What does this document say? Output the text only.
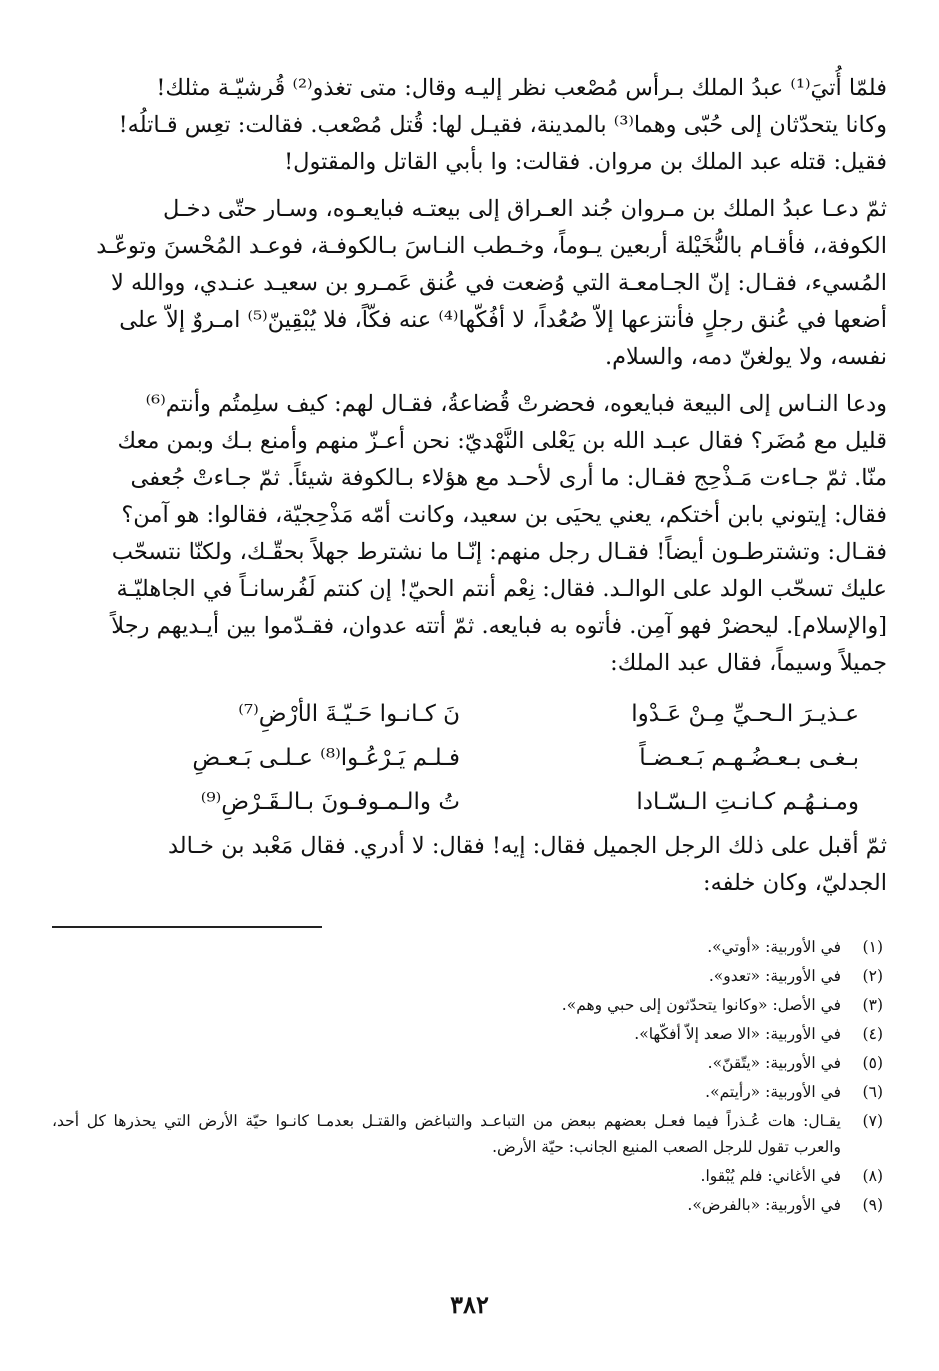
فلمّا أُتيَ⁽¹⁾ عبدُ الملك بـرأس مُصْعب نظر إليـه وقال: متى تغذو⁽²⁾ قُرشيّـة مثلك!

وكانا يتحدّثان إلى حُبّى وهما⁽³⁾ بالمدينة، فقيـل لها: قُتل مُصْعب. فقالت: تعِس قـاتلُه!

فقيل: قتله عبد الملك بن مروان. فقالت: وا بأبي القاتل والمقتول!

ثمّ دعـا عبدُ الملك بن مـروان جُند العـراق إلى بيعتـه فبايعـوه، وسـار حتّى دخـل

الكوفة،، فأقـام بالنُّخَيْلة أربعين يـوماً، وخـطب النـاسَ بـالكوفـة، فوعـد المُحْسنَ وتوعّـد

المُسيء، فقـال: إنّ الجـامعـة التي وُضعت في عُنق عَمـرو بن سعيـد عنـدي، ووالله لا

أضعها في عُنق رجلٍ فأنتزعها إلاّ صُعُداً، لا أفُكّها⁽⁴⁾ عنه فكّاً، فلا يُبْقِينّ⁽⁵⁾ امـروٌ إلاّ على

نفسه، ولا يولغنّ دمه، والسلام.

ودعا النـاس إلى البيعة فبايعوه، فحضرتْ قُضاعةُ، فقـال لهم: كيف سلِمتُم وأنتم⁽⁶⁾

قليل مع مُضَر؟ فقال عبـد الله بن يَعْلى النَّهْديّ: نحن أعـزّ منهم وأمنع بـك وبمن معك

منّا. ثمّ جـاءت مَـذْحِج فقـال: ما أرى لأحـد مع هؤلاء بـالكوفة شيئاً. ثمّ جـاءتْ جُعفى

فقال: إيتوني بابن أختكم، يعني يحيَى بن سعيد، وكانت أمّه مَذْحِجيّة، فقالوا: هو آمن؟

فقـال: وتشترطـون أيضاً! فقـال رجل منهم: إنّـا ما نشترط جهلاً بحقّـك، ولكنّا نتسحّب

عليك تسحّب الولد على الوالـد. فقال: نِعْم أنتم الحيّ! إن كنتم لَفُرسانـاً في الجاهليّـة

[والإسلام]. ليحضرْ فهو آمِن. فأتوه به فبايعه. ثمّ أتته عدوان، فقـدّموا بين أيـديهم رجلاً

جميلاً وسيماً، فقال عبد الملك:

عـذيـرَ الـحـيِّ مِـنْ عَـدْوا
نَ كـانـوا حَـيّـةَ الأرْضِ⁽⁷⁾
بـغـى بـعـضُـهـم بَـعـضـاً
فـلـم يَـرْعُـوا⁽⁸⁾ عـلـى بَـعـضِ
ومـنـهُـم كـانـتِ الـسّـادا
تُ والـمـوفـونَ بـالـقَـرْضِ⁽⁹⁾

ثمّ أقبل على ذلك الرجل الجميل فقال: إيه! فقال: لا أدري. فقال مَعْبد بن خـالد

الجدليّ، وكان خلفه:

(١)
في الأوربية: «أوتي».
(٢)
في الأوربية: «تعدو».
(٣)
في الأصل: «وكانوا يتحدّثون إلى حبي وهم».
(٤)
في الأوربية: «الا صعد إلاّ أفكّها».
(٥)
في الأوربية: «يتّقنّ».
(٦)
في الأوربية: «رأيتم».
(٧)
يقـال: هات عُـذراً فيما فعـل بعضهم ببعض من التباعـد والتباغض والقتـل بعدمـا كانـوا حيّة الأرض التي يحذرها كل أحد، والعرب تقول للرجل الصعب المنيع الجانب: حيّة الأرض.
(٨)
في الأغاني: فلم يُبْقوا.
(٩)
في الأوربية: «بالفرض».
٣٨٢
